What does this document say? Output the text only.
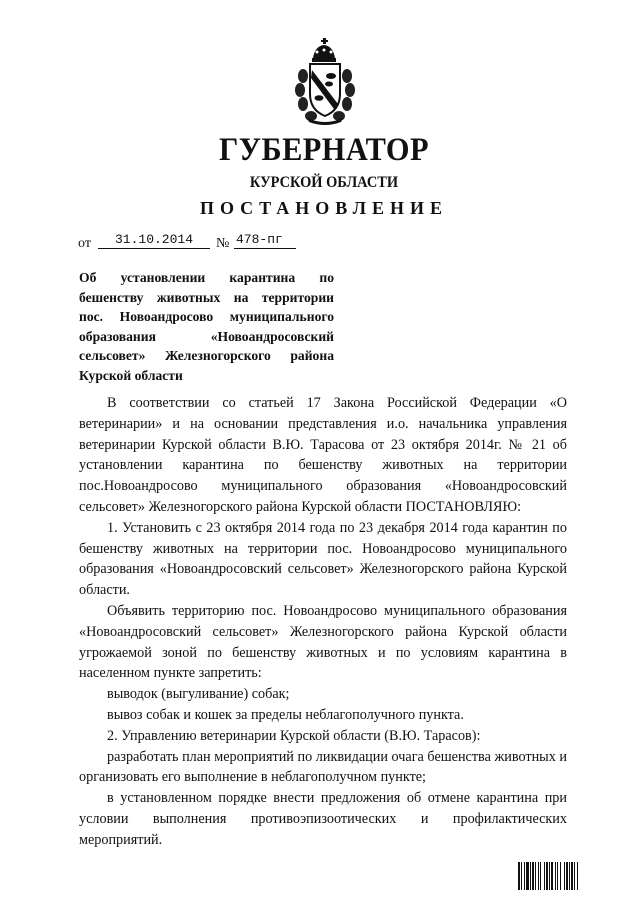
ГУБЕРНАТОР
КУРСКОЙ ОБЛАСТИ
ПОСТАНОВЛЕНИЕ
от	31.10.2014	№ 478-пг
Об установлении карантина по
бешенству животных на территории
пос. Новоандросово муниципального
образования «Новоандросовский
сельсовет» Железногорского района
Курской области

В соответствии со статьей 17 Закона Российской Федерации «О ветеринарии» и на основании представления и.о. начальника управления ветеринарии Курской области В.Ю. Тарасова от 23 октября 2014г. № 21 об установлении карантина по бешенству животных на территории пос.Новоандросово муниципального образования «Новоандросовский сельсовет» Железногорского района Курской области ПОСТАНОВЛЯЮ:

1. Установить с 23 октября 2014 года по 23 декабря 2014 года карантин по бешенству животных на территории пос. Новоандросово муниципального образования «Новоандросовский сельсовет» Железногорского района Курской области.

Объявить территорию пос. Новоандросово муниципального образования «Новоандросовский сельсовет» Железногорского района Курской области угрожаемой зоной по бешенству животных и по условиям карантина в населенном пункте запретить:

выводок (выгуливание) собак;

вывоз собак и кошек за пределы неблагополучного пункта.

2. Управлению ветеринарии Курской области (В.Ю. Тарасов):

разработать план мероприятий по ликвидации очага бешенства животных и организовать его выполнение в неблагополучном пункте;

в установленном порядке внести предложения об отмене карантина при условии выполнения противоэпизоотических и профилактических мероприятий.
